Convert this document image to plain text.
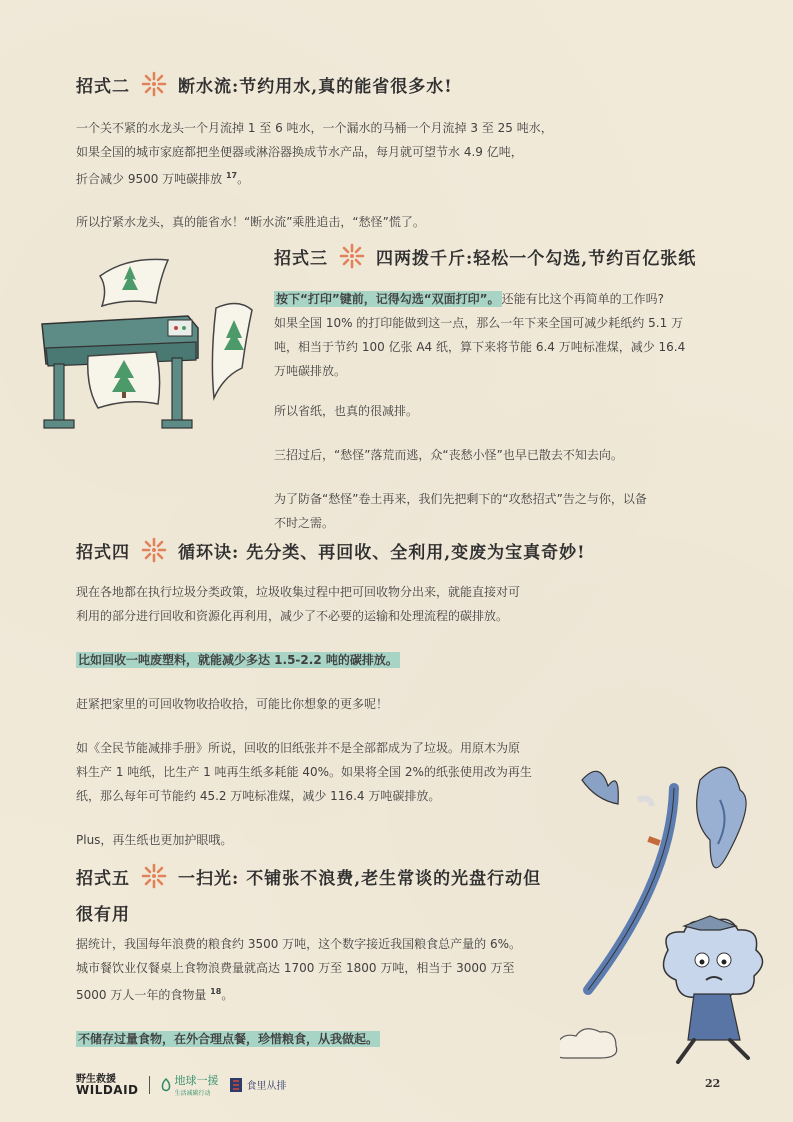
招式二	断水流:节约用水,真的能省很多水!

一个关不紧的水龙头一个月流掉 1 至 6 吨水，一个漏水的马桶一个月流掉 3 至 25 吨水，

如果全国的城市家庭都把坐便器或淋浴器换成节水产品，每月就可望节水 4.9 亿吨，

折合减少 9500 万吨碳排放 $^{17}$。

所以拧紧水龙头，真的能省水！“断水流”乘胜追击，“愁怪”慌了。

招式三	四两拨千斤:轻松一个勾选,节约百亿张纸

按下“打印”键前，记得勾选“双面打印”。 还能有比这个再简单的工作吗?

如果全国 10% 的打印能做到这一点，那么一年下来全国可减少耗纸约 5.1 万

吨，相当于节约 100 亿张 A4 纸，算下来将节能 6.4 万吨标准煤，减少 16.4

万吨碳排放。

所以省纸，也真的很减排。

三招过后，“愁怪”落荒而逃，众“丧愁小怪”也早已散去不知去向。

为了防备“愁怪”卷土再来，我们先把剩下的“攻愁招式”告之与你，以备

不时之需。

招式四	循环诀: 先分类、再回收、全利用,变废为宝真奇妙!

现在各地都在执行垃圾分类政策，垃圾收集过程中把可回收物分出来，就能直接对可

利用的部分进行回收和资源化再利用，减少了不必要的运输和处理流程的碳排放。

比如回收一吨废塑料，就能减少多达 1.5-2.2 吨的碳排放。

赶紧把家里的可回收物收拾收拾，可能比你想象的更多呢！

如《全民节能减排手册》所说，回收的旧纸张并不是全部都成为了垃圾。用原木为原

料生产 1 吨纸，比生产 1 吨再生纸多耗能 40%。如果将全国 2%的纸张使用改为再生

纸，那么每年可节能约 45.2 万吨标准煤，减少 116.4 万吨碳排放。

Plus，再生纸也更加护眼哦。

招式五	一扫光: 不铺张不浪费,老生常谈的光盘行动但
很有用

据统计，我国每年浪费的粮食约 3500 万吨，这个数字接近我国粮食总产量的 6%。

城市餐饮业仅餐桌上食物浪费量就高达 1700 万至 1800 万吨，相当于 3000 万至

5000 万人一年的食物量 $^{18}$。

不储存过量食物，在外合理点餐，珍惜粮食，从我做起。

野生救援
WILDAID
地球一援
生活减碳行动
食里从排	22
